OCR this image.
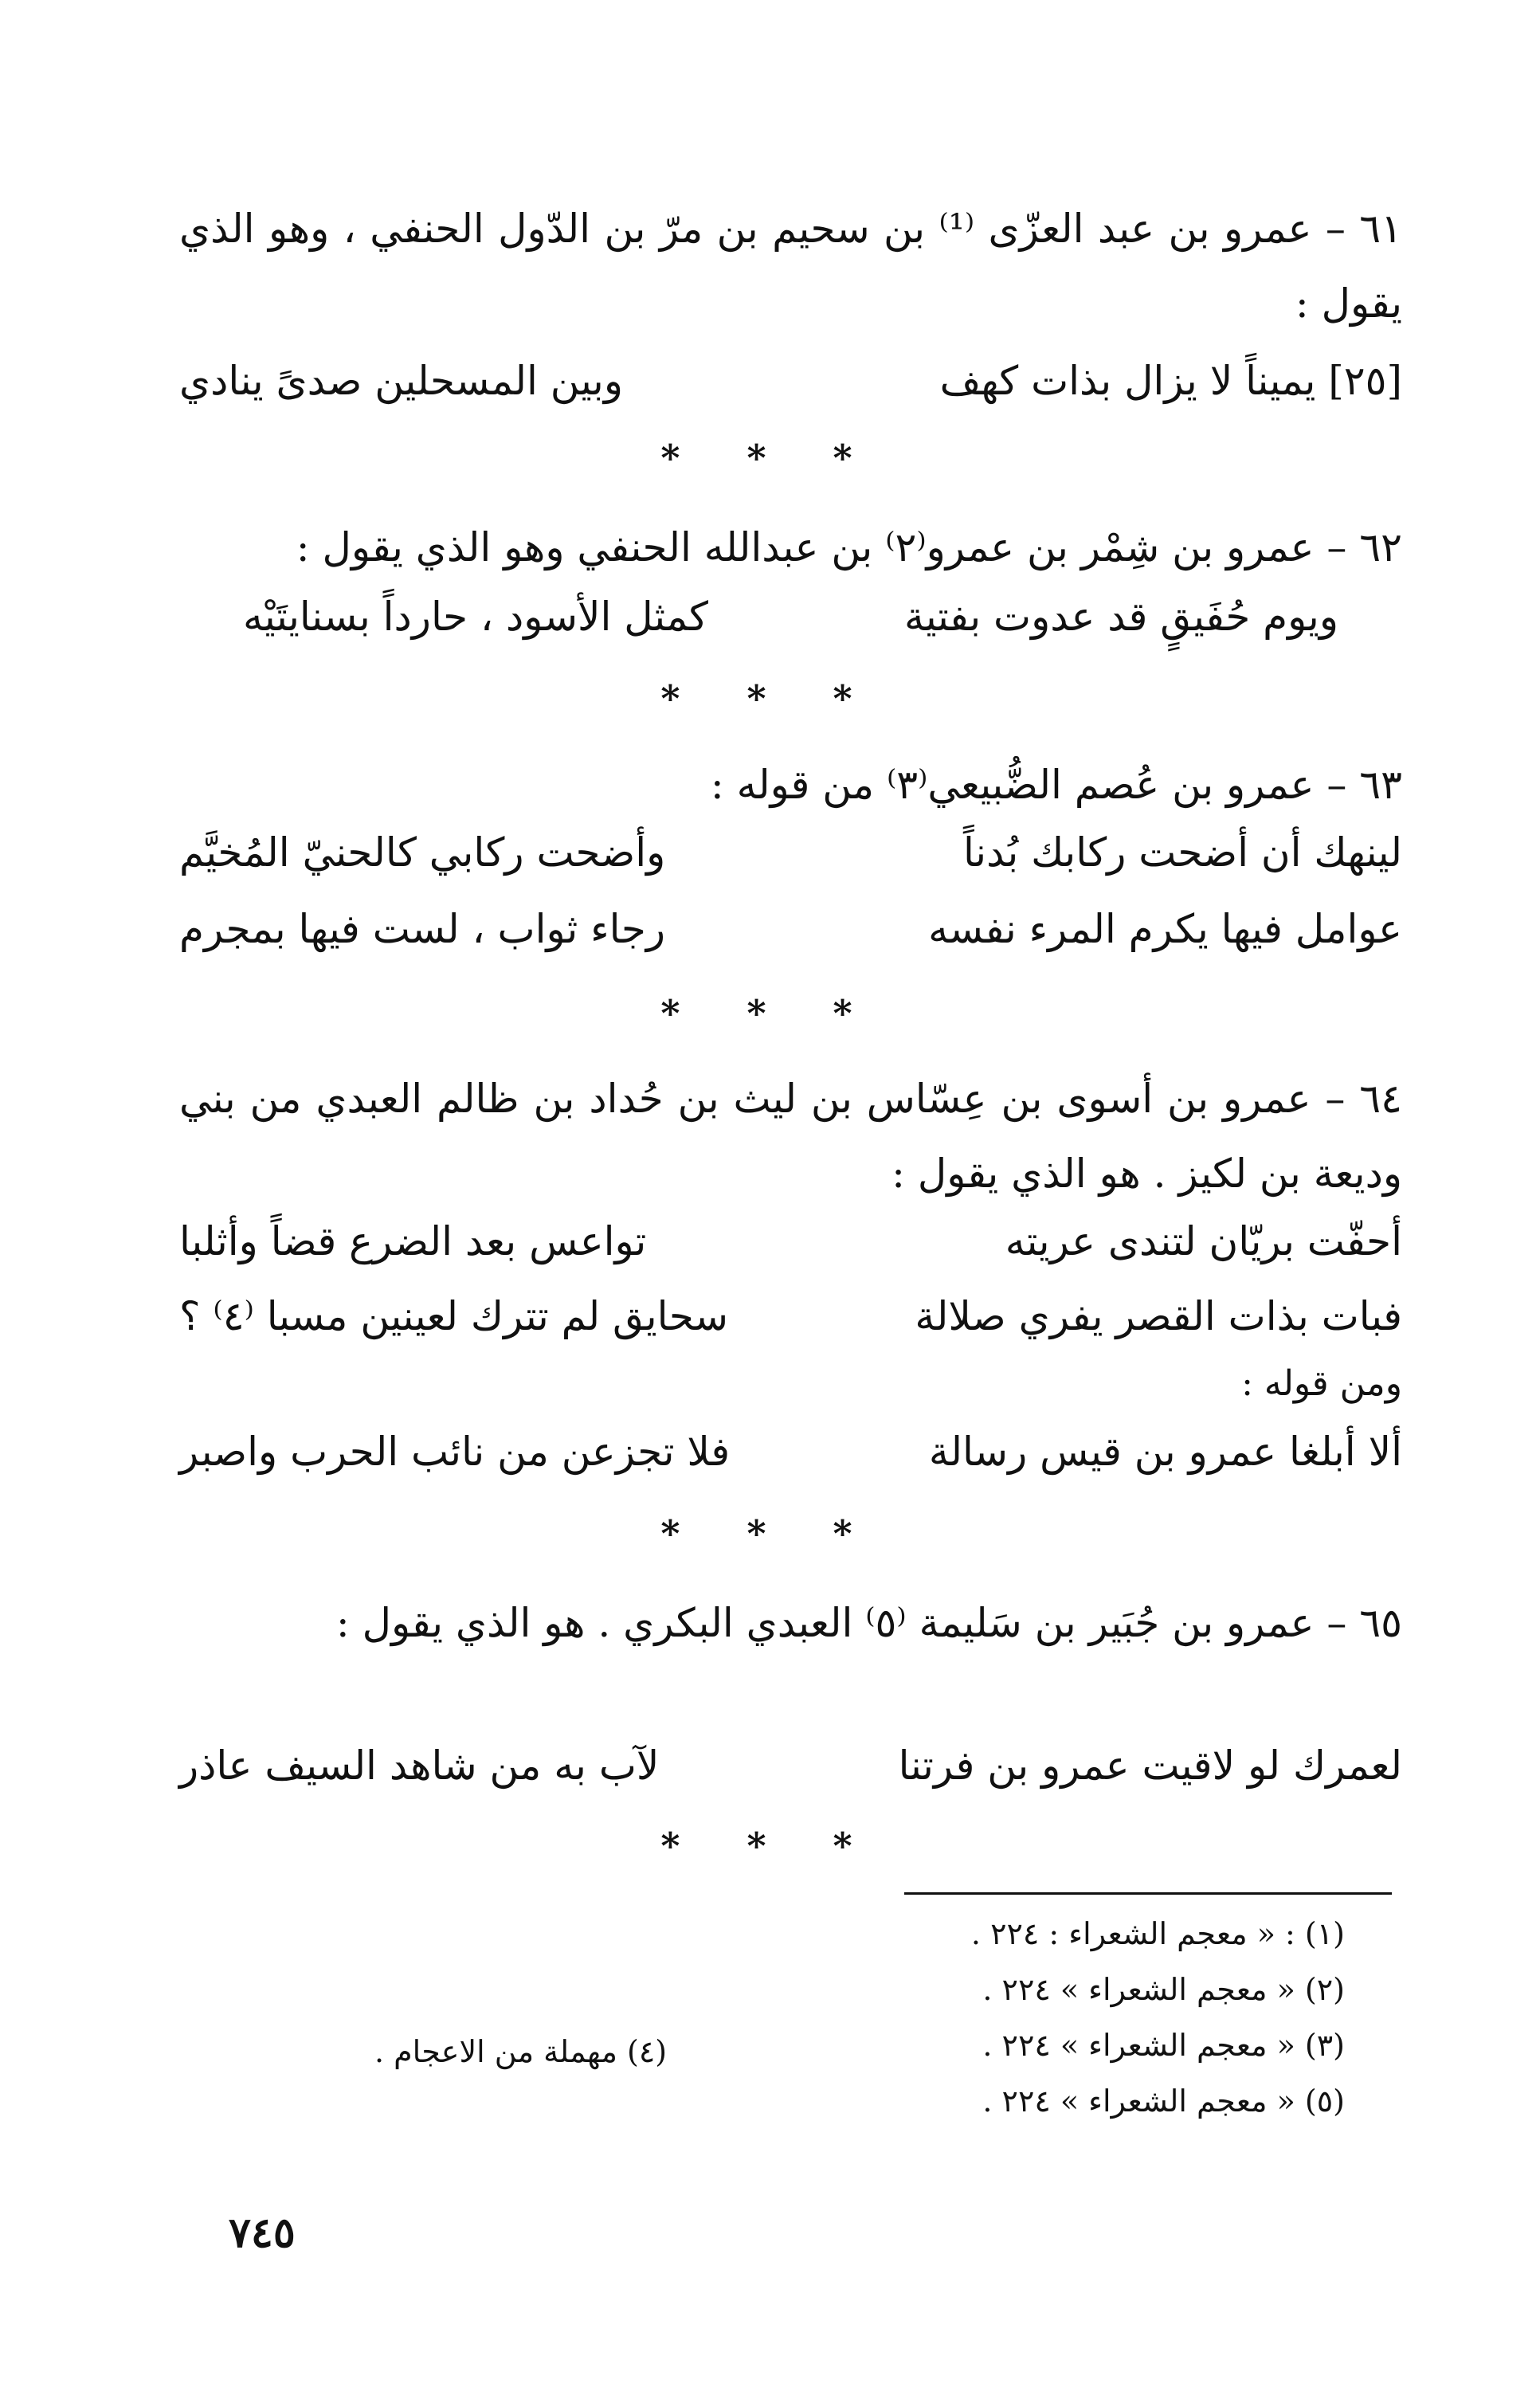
٦١ – عمرو بن عبد العزّى ⁽¹⁾ بن سحيم بن مرّ بن الدّول الحنفي ، وهو الذي يقول :
[٢٥] يميناً لا يزال بذات كهف
وبين المسحلين صدىً ينادي
* * *
٦٢ – عمرو بن شِمْر بن عمرو⁽٢⁾ بن عبدالله الحنفي وهو الذي يقول :
كمثل الأسود ، حارداً بسنايتَيْه	ويوم حُفَيقٍ قد عدوت بفتية
* * *
٦٣ – عمرو بن عُصم الضُّبيعي⁽٣⁾ من قوله :
لينهك أن أضحت ركابك بُدناً
وأضحت ركابي كالحنيّ المُخيَّم
عوامل فيها يكرم المرء نفسه
رجاء ثواب ، لست فيها بمجرم
* * *
٦٤ – عمرو بن أسوى بن عِسّاس بن ليث بن حُداد بن ظالم العبدي من بني وديعة بن لكيز . هو الذي يقول :
أحفّت بريّان لتندى عريته
تواعس بعد الضرع قضاً وأثلبا
فبات بذات القصر يفري صلالة
سحايق لم تترك لعينين مسبا ⁽٤⁾ ؟
ومن قوله :
ألا أبلغا عمرو بن قيس رسالة
فلا تجزعن من نائب الحرب واصبر
* * *
٦٥ – عمرو بن جُبَير بن سَليمة ⁽٥⁾ العبدي البكري . هو الذي يقول :
لعمرك لو لاقيت عمرو بن فرتنا
لآب به من شاهد السيف عاذر
* * *
(١) : « معجم الشعراء : ٢٢٤ .
(٢) « معجم الشعراء » ٢٢٤ .
(٣) « معجم الشعراء » ٢٢٤ .
(٤) مهملة من الاعجام .
(٥) « معجم الشعراء » ٢٢٤ .
٧٤٥
